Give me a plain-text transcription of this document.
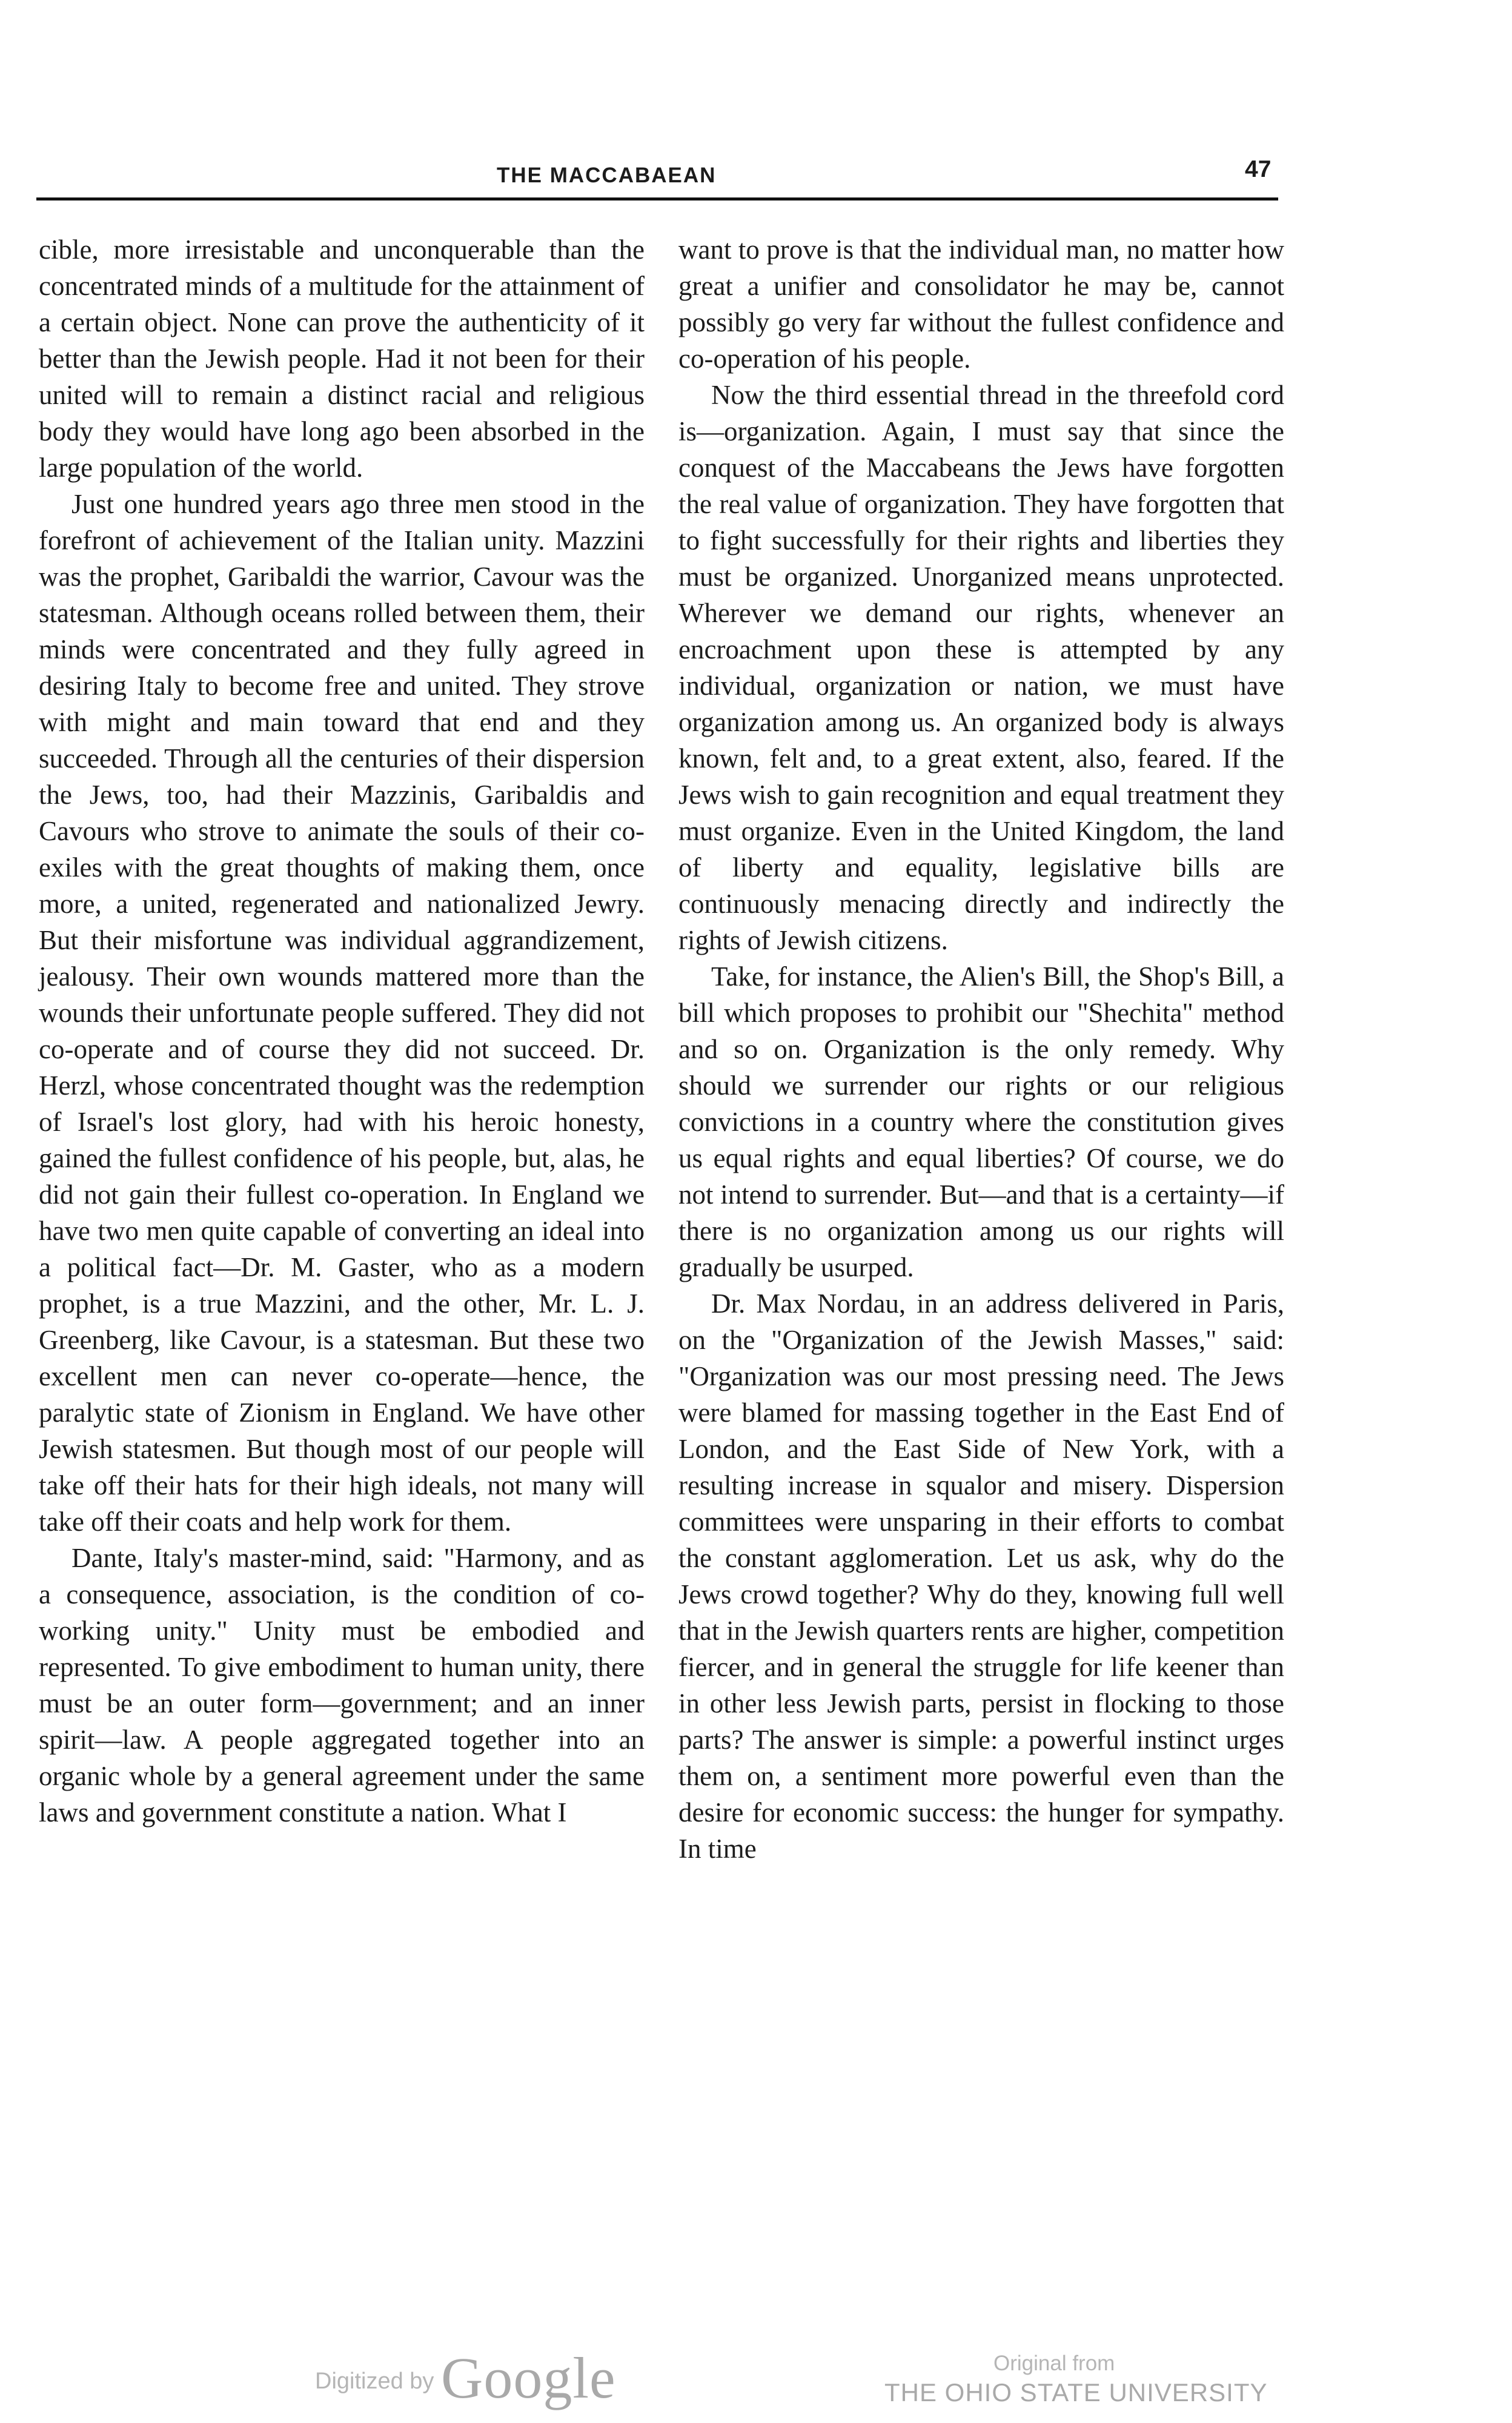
THE MACCABAEAN	47

cible, more irresistable and unconquerable than the concentrated minds of a multitude for the attainment of a certain object. None can prove the authenticity of it better than the Jewish people. Had it not been for their united will to remain a distinct racial and religious body they would have long ago been absorbed in the large population of the world.

Just one hundred years ago three men stood in the forefront of achievement of the Italian unity. Mazzini was the prophet, Garibaldi the warrior, Cavour was the statesman. Although oceans rolled between them, their minds were concentrated and they fully agreed in desiring Italy to become free and united. They strove with might and main toward that end and they succeeded. Through all the centuries of their dispersion the Jews, too, had their Mazzinis, Garibaldis and Cavours who strove to animate the souls of their co-exiles with the great thoughts of making them, once more, a united, regenerated and nationalized Jewry. But their misfortune was individual aggrandizement, jealousy. Their own wounds mattered more than the wounds their unfortunate people suffered. They did not co-operate and of course they did not succeed. Dr. Herzl, whose concentrated thought was the redemption of Israel's lost glory, had with his heroic honesty, gained the fullest confidence of his people, but, alas, he did not gain their fullest co-operation. In England we have two men quite capable of converting an ideal into a political fact—Dr. M. Gaster, who as a modern prophet, is a true Mazzini, and the other, Mr. L. J. Greenberg, like Cavour, is a statesman. But these two excellent men can never co-operate—hence, the paralytic state of Zionism in England. We have other Jewish statesmen. But though most of our people will take off their hats for their high ideals, not many will take off their coats and help work for them.

Dante, Italy's master-mind, said: "Harmony, and as a consequence, association, is the condition of co-working unity." Unity must be embodied and represented. To give embodiment to human unity, there must be an outer form—government; and an inner spirit—law. A people aggregated together into an organic whole by a general agreement under the same laws and government constitute a nation. What I

want to prove is that the individual man, no matter how great a unifier and consolidator he may be, cannot possibly go very far without the fullest confidence and co-operation of his people.

Now the third essential thread in the threefold cord is—organization. Again, I must say that since the conquest of the Maccabeans the Jews have forgotten the real value of organization. They have forgotten that to fight successfully for their rights and liberties they must be organized. Unorganized means unprotected. Wherever we demand our rights, whenever an encroachment upon these is attempted by any individual, organization or nation, we must have organization among us. An organized body is always known, felt and, to a great extent, also, feared. If the Jews wish to gain recognition and equal treatment they must organize. Even in the United Kingdom, the land of liberty and equality, legislative bills are continuously menacing directly and indirectly the rights of Jewish citizens.

Take, for instance, the Alien's Bill, the Shop's Bill, a bill which proposes to prohibit our "Shechita" method and so on. Organization is the only remedy. Why should we surrender our rights or our religious convictions in a country where the constitution gives us equal rights and equal liberties? Of course, we do not intend to surrender. But—and that is a certainty—if there is no organization among us our rights will gradually be usurped.

Dr. Max Nordau, in an address delivered in Paris, on the "Organization of the Jewish Masses," said: "Organization was our most pressing need. The Jews were blamed for massing together in the East End of London, and the East Side of New York, with a resulting increase in squalor and misery. Dispersion committees were unsparing in their efforts to combat the constant agglomeration. Let us ask, why do the Jews crowd together? Why do they, knowing full well that in the Jewish quarters rents are higher, competition fiercer, and in general the struggle for life keener than in other less Jewish parts, persist in flocking to those parts? The answer is simple: a powerful instinct urges them on, a sentiment more powerful even than the desire for economic success: the hunger for sympathy. In time

Digitized by Google	Original from
THE OHIO STATE UNIVERSITY
